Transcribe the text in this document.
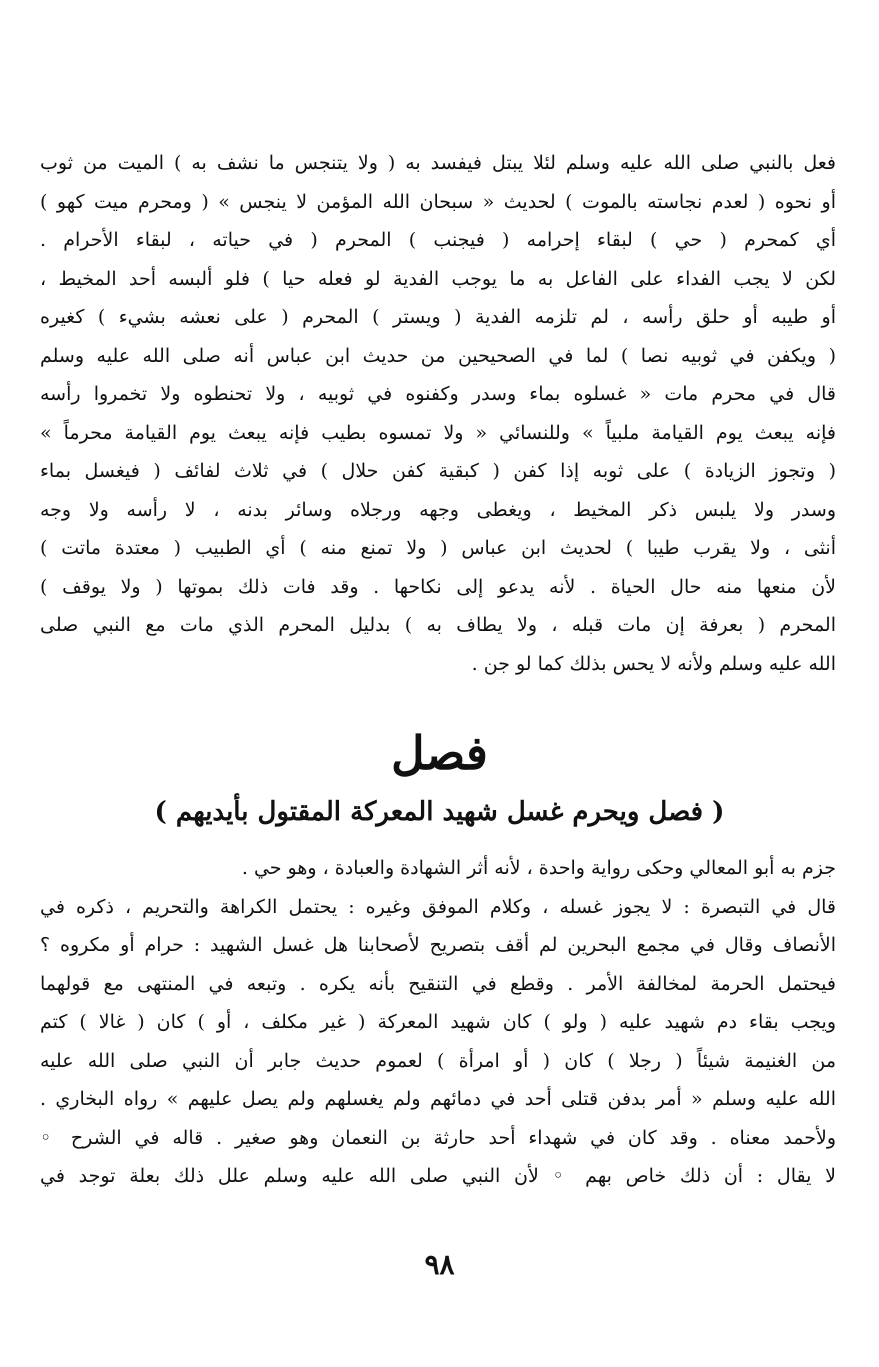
فعل بالنبي صلى الله عليه وسلم لئلا يبتل فيفسد به ( ولا يتنجس ما نشف به ) الميت من ثوب
أو نحوه ( لعدم نجاسته بالموت ) لحديث « سبحان الله المؤمن لا ينجس » ( ومحرم ميت كهو )
أي كمحرم ( حي ) لبقاء إحرامه ( فيجنب ) المحرم ( في حياته ، لبقاء الأحرام .
لكن لا يجب الفداء على الفاعل به ما يوجب الفدية لو فعله حيا ) فلو ألبسه أحد المخيط ،
أو طيبه أو حلق رأسه ، لم تلزمه الفدية ( ويستر ) المحرم ( على نعشه بشيء ) كغيره
( ويكفن في ثوبيه نصا ) لما في الصحيحين من حديث ابن عباس أنه صلى الله عليه وسلم
قال في محرم مات « غسلوه بماء وسدر وكفنوه في ثوبيه ، ولا تحنطوه ولا تخمروا رأسه
فإنه يبعث يوم القيامة ملبياً » وللنسائي « ولا تمسوه بطيب فإنه يبعث يوم القيامة محرماً »
( وتجوز الزيادة ) على ثوبه إذا كفن ( كبقية كفن حلال ) في ثلاث لفائف ( فيغسل بماء
وسدر ولا يلبس ذكر المخيط ، ويغطى وجهه ورجلاه وسائر بدنه ، لا رأسه ولا وجه
أنثى ، ولا يقرب طيبا ) لحديث ابن عباس ( ولا تمنع منه ) أي الطبيب ( معتدة ماتت )
لأن منعها منه حال الحياة . لأنه يدعو إلى نكاحها . وقد فات ذلك بموتها ( ولا يوقف )
المحرم ( بعرفة إن مات قبله ، ولا يطاف به ) بدليل المحرم الذي مات مع النبي صلى
الله عليه وسلم ولأنه لا يحس بذلك كما لو جن .
فصل
( فصل ويحرم غسل شهيد المعركة المقتول بأيديهم )
جزم به أبو المعالي وحكى رواية واحدة ، لأنه أثر الشهادة والعبادة ، وهو حي .
قال في التبصرة : لا يجوز غسله ، وكلام الموفق وغيره : يحتمل الكراهة والتحريم ، ذكره في
الأنصاف وقال في مجمع البحرين لم أقف بتصريح لأصحابنا هل غسل الشهيد : حرام أو مكروه ؟
فيحتمل الحرمة لمخالفة الأمر . وقطع في التنقيح بأنه يكره . وتبعه في المنتهى مع قولهما
ويجب بقاء دم شهيد عليه ( ولو ) كان شهيد المعركة ( غير مكلف ، أو ) كان ( غالا ) كتم
من الغنيمة شيئاً ( رجلا ) كان ( أو امرأة ) لعموم حديث جابر أن النبي صلى الله عليه
الله عليه وسلم « أمر بدفن قتلى أحد في دمائهم ولم يغسلهم ولم يصل عليهم » رواه البخاري .
ولأحمد معناه . وقد كان في شهداء أحد حارثة بن النعمان وهو صغير . قاله في الشرح ◦
لا يقال : أن ذلك خاص بهم ◦ لأن النبي صلى الله عليه وسلم علل ذلك بعلة توجد في
٩٨
